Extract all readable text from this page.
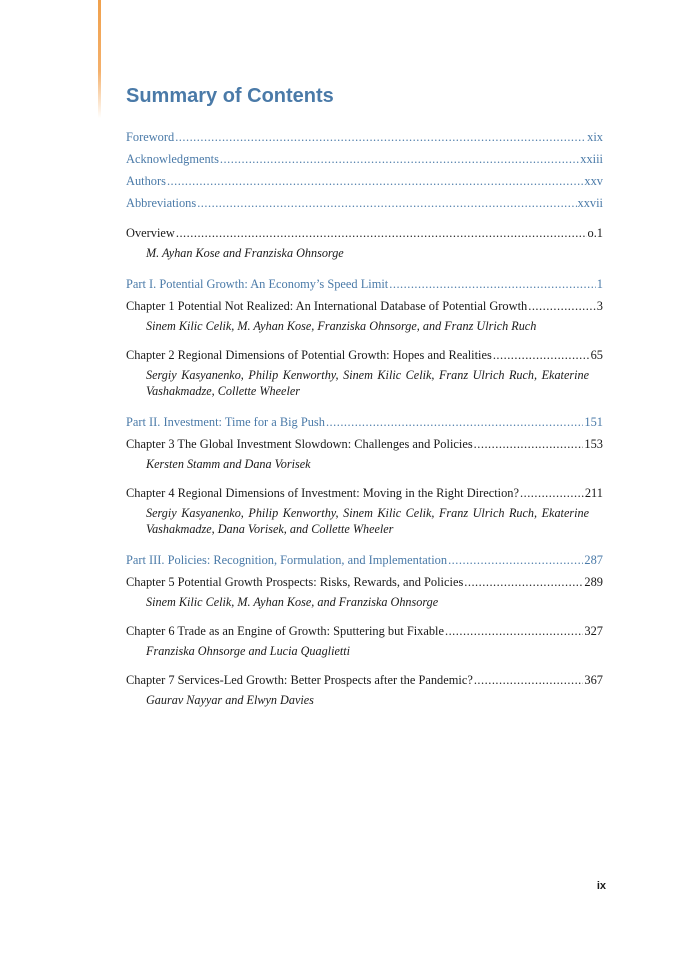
Summary of Contents
Foreword .....	xix
Acknowledgments .....	xxiii
Authors .....	xxv
Abbreviations .....	xxvii
Overview .....	o.1
M. Ayhan Kose and Franziska Ohnsorge
Part I. Potential Growth: An Economy’s Speed Limit .....	1
Chapter 1 Potential Not Realized: An International Database of Potential Growth .....	3
Sinem Kilic Celik, M. Ayhan Kose, Franziska Ohnsorge, and Franz Ulrich Ruch
Chapter 2 Regional Dimensions of Potential Growth: Hopes and Realities .....	65
Sergiy Kasyanenko, Philip Kenworthy, Sinem Kilic Celik, Franz Ulrich Ruch, Ekaterine Vashakmadze, Collette Wheeler
Part II. Investment: Time for a Big Push .....	151
Chapter 3 The Global Investment Slowdown: Challenges and Policies .....	153
Kersten Stamm and Dana Vorisek
Chapter 4 Regional Dimensions of Investment: Moving in the Right Direction? .....	211
Sergiy Kasyanenko, Philip Kenworthy, Sinem Kilic Celik, Franz Ulrich Ruch, Ekaterine Vashakmadze, Dana Vorisek, and Collette Wheeler
Part III. Policies: Recognition, Formulation, and Implementation .....	287
Chapter 5 Potential Growth Prospects: Risks, Rewards, and Policies .....	289
Sinem Kilic Celik, M. Ayhan Kose, and Franziska Ohnsorge
Chapter 6 Trade as an Engine of Growth: Sputtering but Fixable .....	327
Franziska Ohnsorge and Lucia Quaglietti
Chapter 7 Services-Led Growth: Better Prospects after the Pandemic? .....	367
Gaurav Nayyar and Elwyn Davies
ix
